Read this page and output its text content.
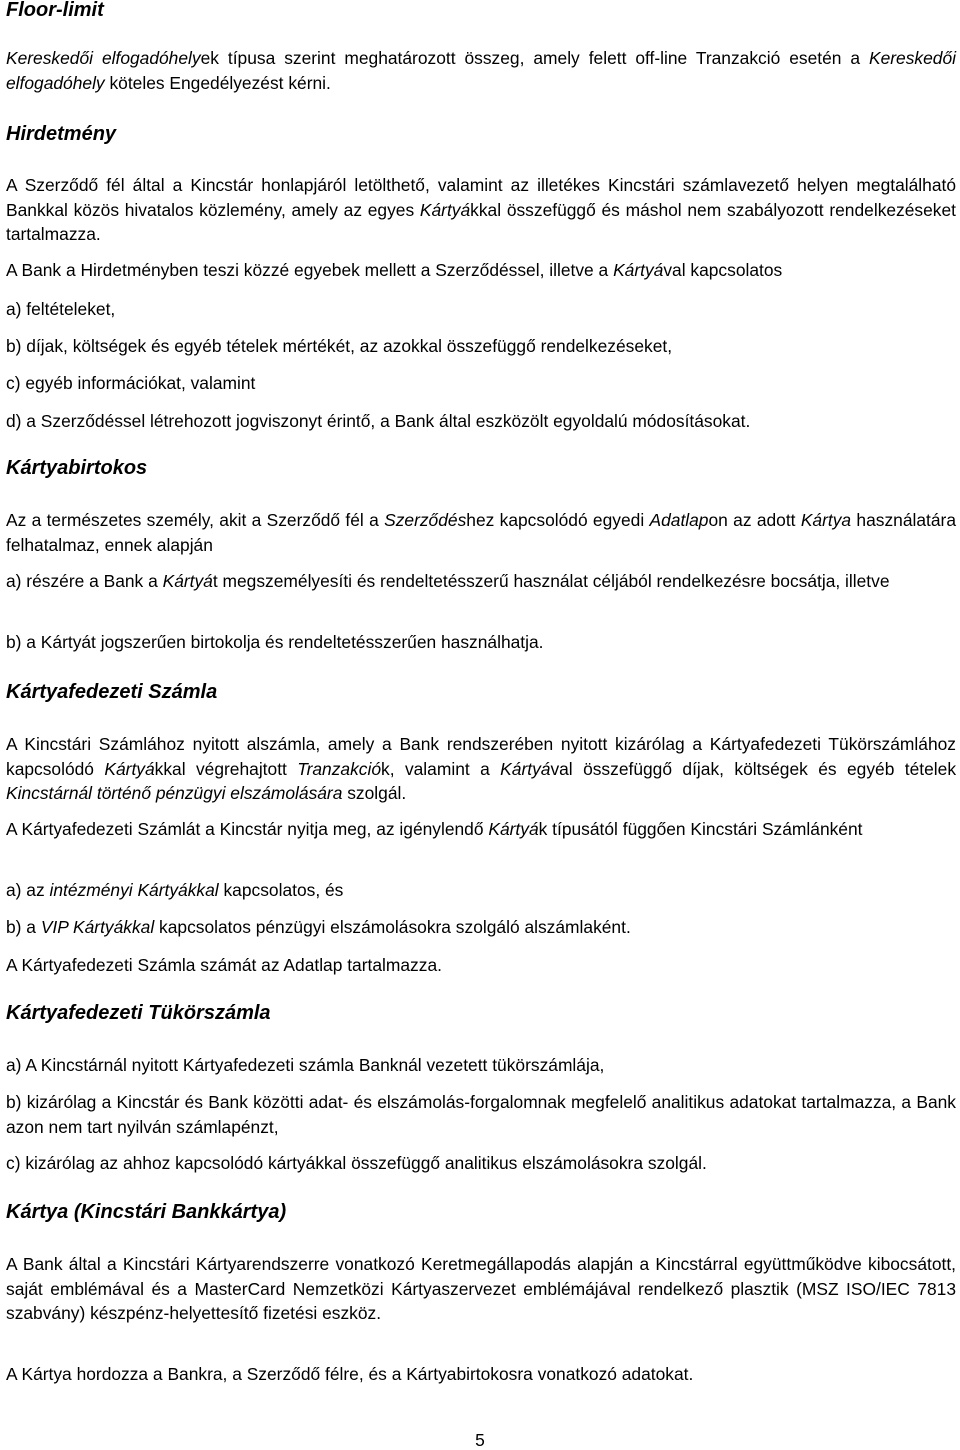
Floor-limit

Kereskedői elfogadóhelyek típusa szerint meghatározott összeg, amely felett off-line Tranzakció esetén a Kereskedői elfogadóhely köteles Engedélyezést kérni.

Hirdetmény

A Szerződő fél által a Kincstár honlapjáról letölthető, valamint az illetékes Kincstári számlavezető helyen megtalálható Bankkal közös hivatalos közlemény, amely az egyes Kártyákkal összefüggő és máshol nem szabályozott rendelkezéseket tartalmazza.

A Bank a Hirdetményben teszi közzé egyebek mellett a Szerződéssel, illetve a Kártyával kapcsolatos

a) feltételeket,

b) díjak, költségek és egyéb tételek mértékét, az azokkal összefüggő rendelkezéseket,

c) egyéb információkat, valamint

d) a Szerződéssel létrehozott jogviszonyt érintő, a Bank által eszközölt egyoldalú módosításokat.

Kártyabirtokos

Az a természetes személy, akit a Szerződő fél a Szerződéshez kapcsolódó egyedi Adatlapon az adott Kártya használatára felhatalmaz, ennek alapján

a) részére a Bank a Kártyát megszemélyesíti és rendeltetésszerű használat céljából rendelkezésre bocsátja, illetve

b) a Kártyát jogszerűen birtokolja és rendeltetésszerűen használhatja.

Kártyafedezeti Számla

A Kincstári Számlához nyitott alszámla, amely a Bank rendszerében nyitott kizárólag a Kártyafedezeti Tükörszámlához kapcsolódó Kártyákkal végrehajtott Tranzakciók, valamint a Kártyával összefüggő díjak, költségek és egyéb tételek Kincstárnál történő pénzügyi elszámolására szolgál.

A Kártyafedezeti Számlát a Kincstár nyitja meg, az igénylendő Kártyák típusától függően Kincstári Számlánként

a) az intézményi Kártyákkal kapcsolatos, és

b) a VIP Kártyákkal kapcsolatos pénzügyi elszámolásokra szolgáló alszámlaként.

A Kártyafedezeti Számla számát az Adatlap tartalmazza.

Kártyafedezeti Tükörszámla

a) A Kincstárnál nyitott Kártyafedezeti számla Banknál vezetett tükörszámlája,

b) kizárólag a Kincstár és Bank közötti adat- és elszámolás-forgalomnak megfelelő analitikus adatokat tartalmazza, a Bank azon nem tart nyilván számlapénzt,

c) kizárólag az ahhoz kapcsolódó kártyákkal összefüggő analitikus elszámolásokra szolgál.

Kártya (Kincstári Bankkártya)

A Bank által a Kincstári Kártyarendszerre vonatkozó Keretmegállapodás alapján a Kincstárral együttműködve kibocsátott, saját emblémával és a MasterCard Nemzetközi Kártyaszervezet emblémájával rendelkező plasztik (MSZ ISO/IEC 7813 szabvány) készpénz-helyettesítő fizetési eszköz.

A Kártya hordozza a Bankra, a Szerződő félre, és a Kártyabirtokosra vonatkozó adatokat.

5
